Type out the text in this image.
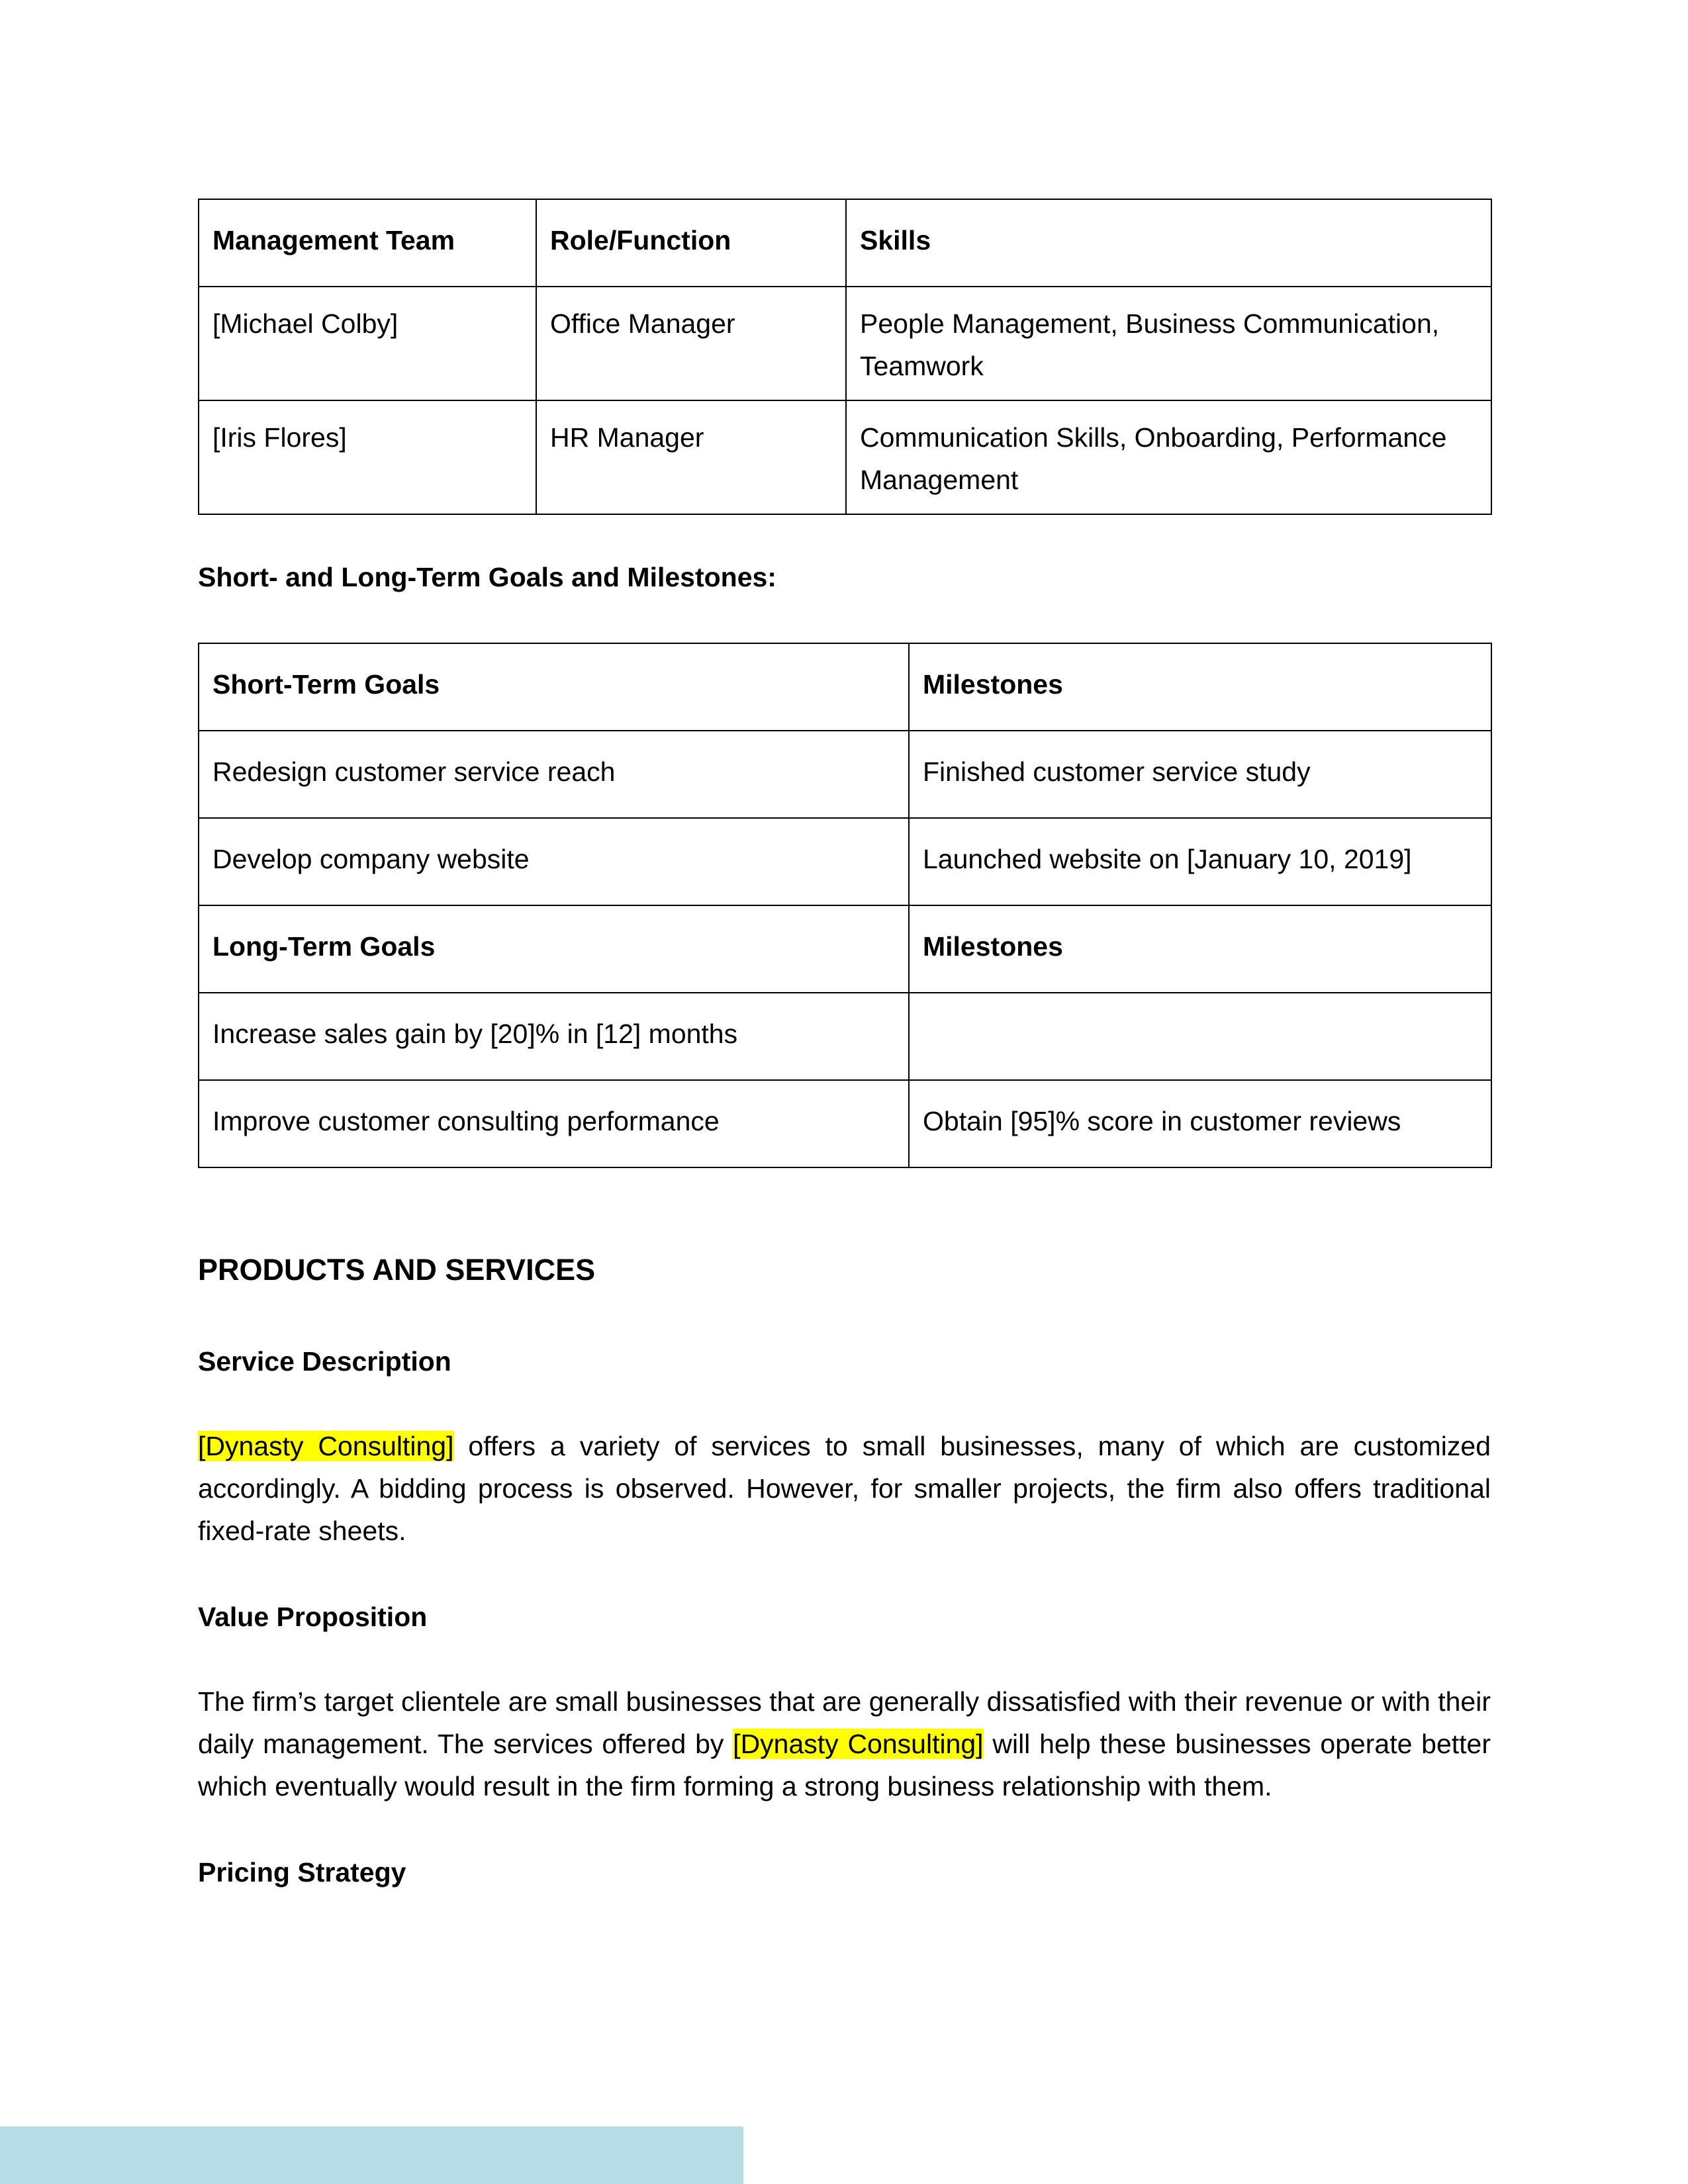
Management Team	Role/Function	Skills
[Michael Colby]	Office Manager	People Management, Business Communication, Teamwork
[Iris Flores]	HR Manager	Communication Skills, Onboarding, Performance Management

Short- and Long-Term Goals and Milestones:

Short-Term Goals	Milestones
Redesign customer service reach	Finished customer service study
Develop company website	Launched website on [January 10, 2019]
Long-Term Goals	Milestones
Increase sales gain by [20]% in [12] months	
Improve customer consulting performance	Obtain [95]% score in customer reviews
PRODUCTS AND SERVICES

Service Description

[Dynasty Consulting] offers a variety of services to small businesses, many of which are customized accordingly. A bidding process is observed. However, for smaller projects, the firm also offers traditional fixed-rate sheets.

Value Proposition

The firm’s target clientele are small businesses that are generally dissatisfied with their revenue or with their daily management. The services offered by [Dynasty Consulting] will help these businesses operate better which eventually would result in the firm forming a strong business relationship with them.

Pricing Strategy
